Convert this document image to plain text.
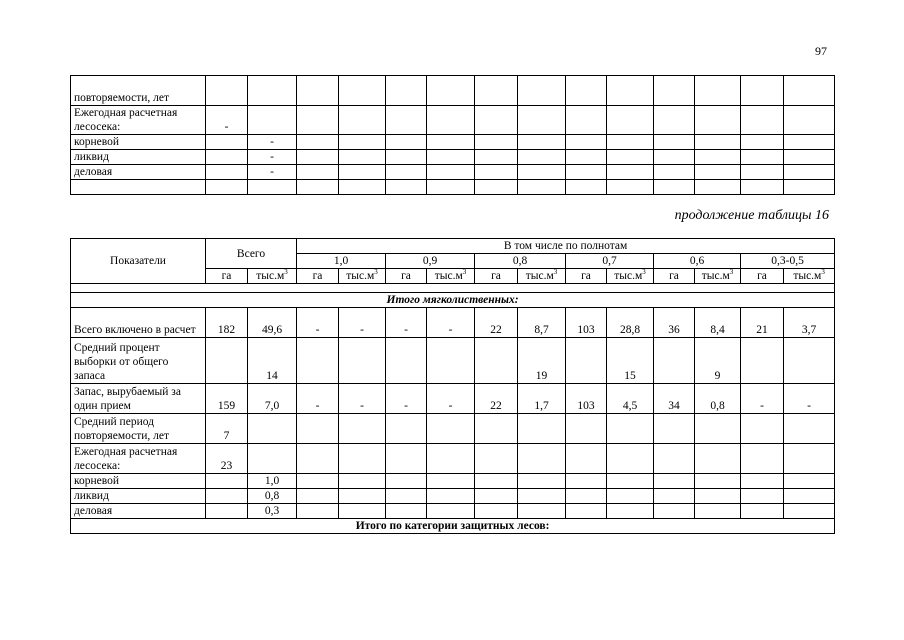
97
повторяемости, лет														
Ежегодная расчетная лесосека:	-													
корневой		-												
ликвид		-												
деловая		-												

продолжение таблицы 16
Показатели	Всего		В том числе по полнотам											
			1,0		0,9		0,8		0,7		0,6		0,3-0,5	
	га	$тыс.м^3$	га	$тыс.м^3$	га	$тыс.м^3$	га	$тыс.м^3$	га	$тыс.м^3$	га	$тыс.м^3$	га	$тыс.м^3$

Итого мягколиственных:														
Всего включено в расчет	182	49,6	-	-	-	-	22	8,7	103	28,8	36	8,4	21	3,7
Средний процент выборки от общего запаса		14						19		15		9		
Запас, вырубаемый за один прием	159	7,0	-	-	-	-	22	1,7	103	4,5	34	0,8	-	-
Средний период повторяемости, лет	7													
Ежегодная расчетная лесосека:	23													
корневой		1,0												
ликвид		0,8												
деловая		0,3												
Итого по категории защитных лесов:														
